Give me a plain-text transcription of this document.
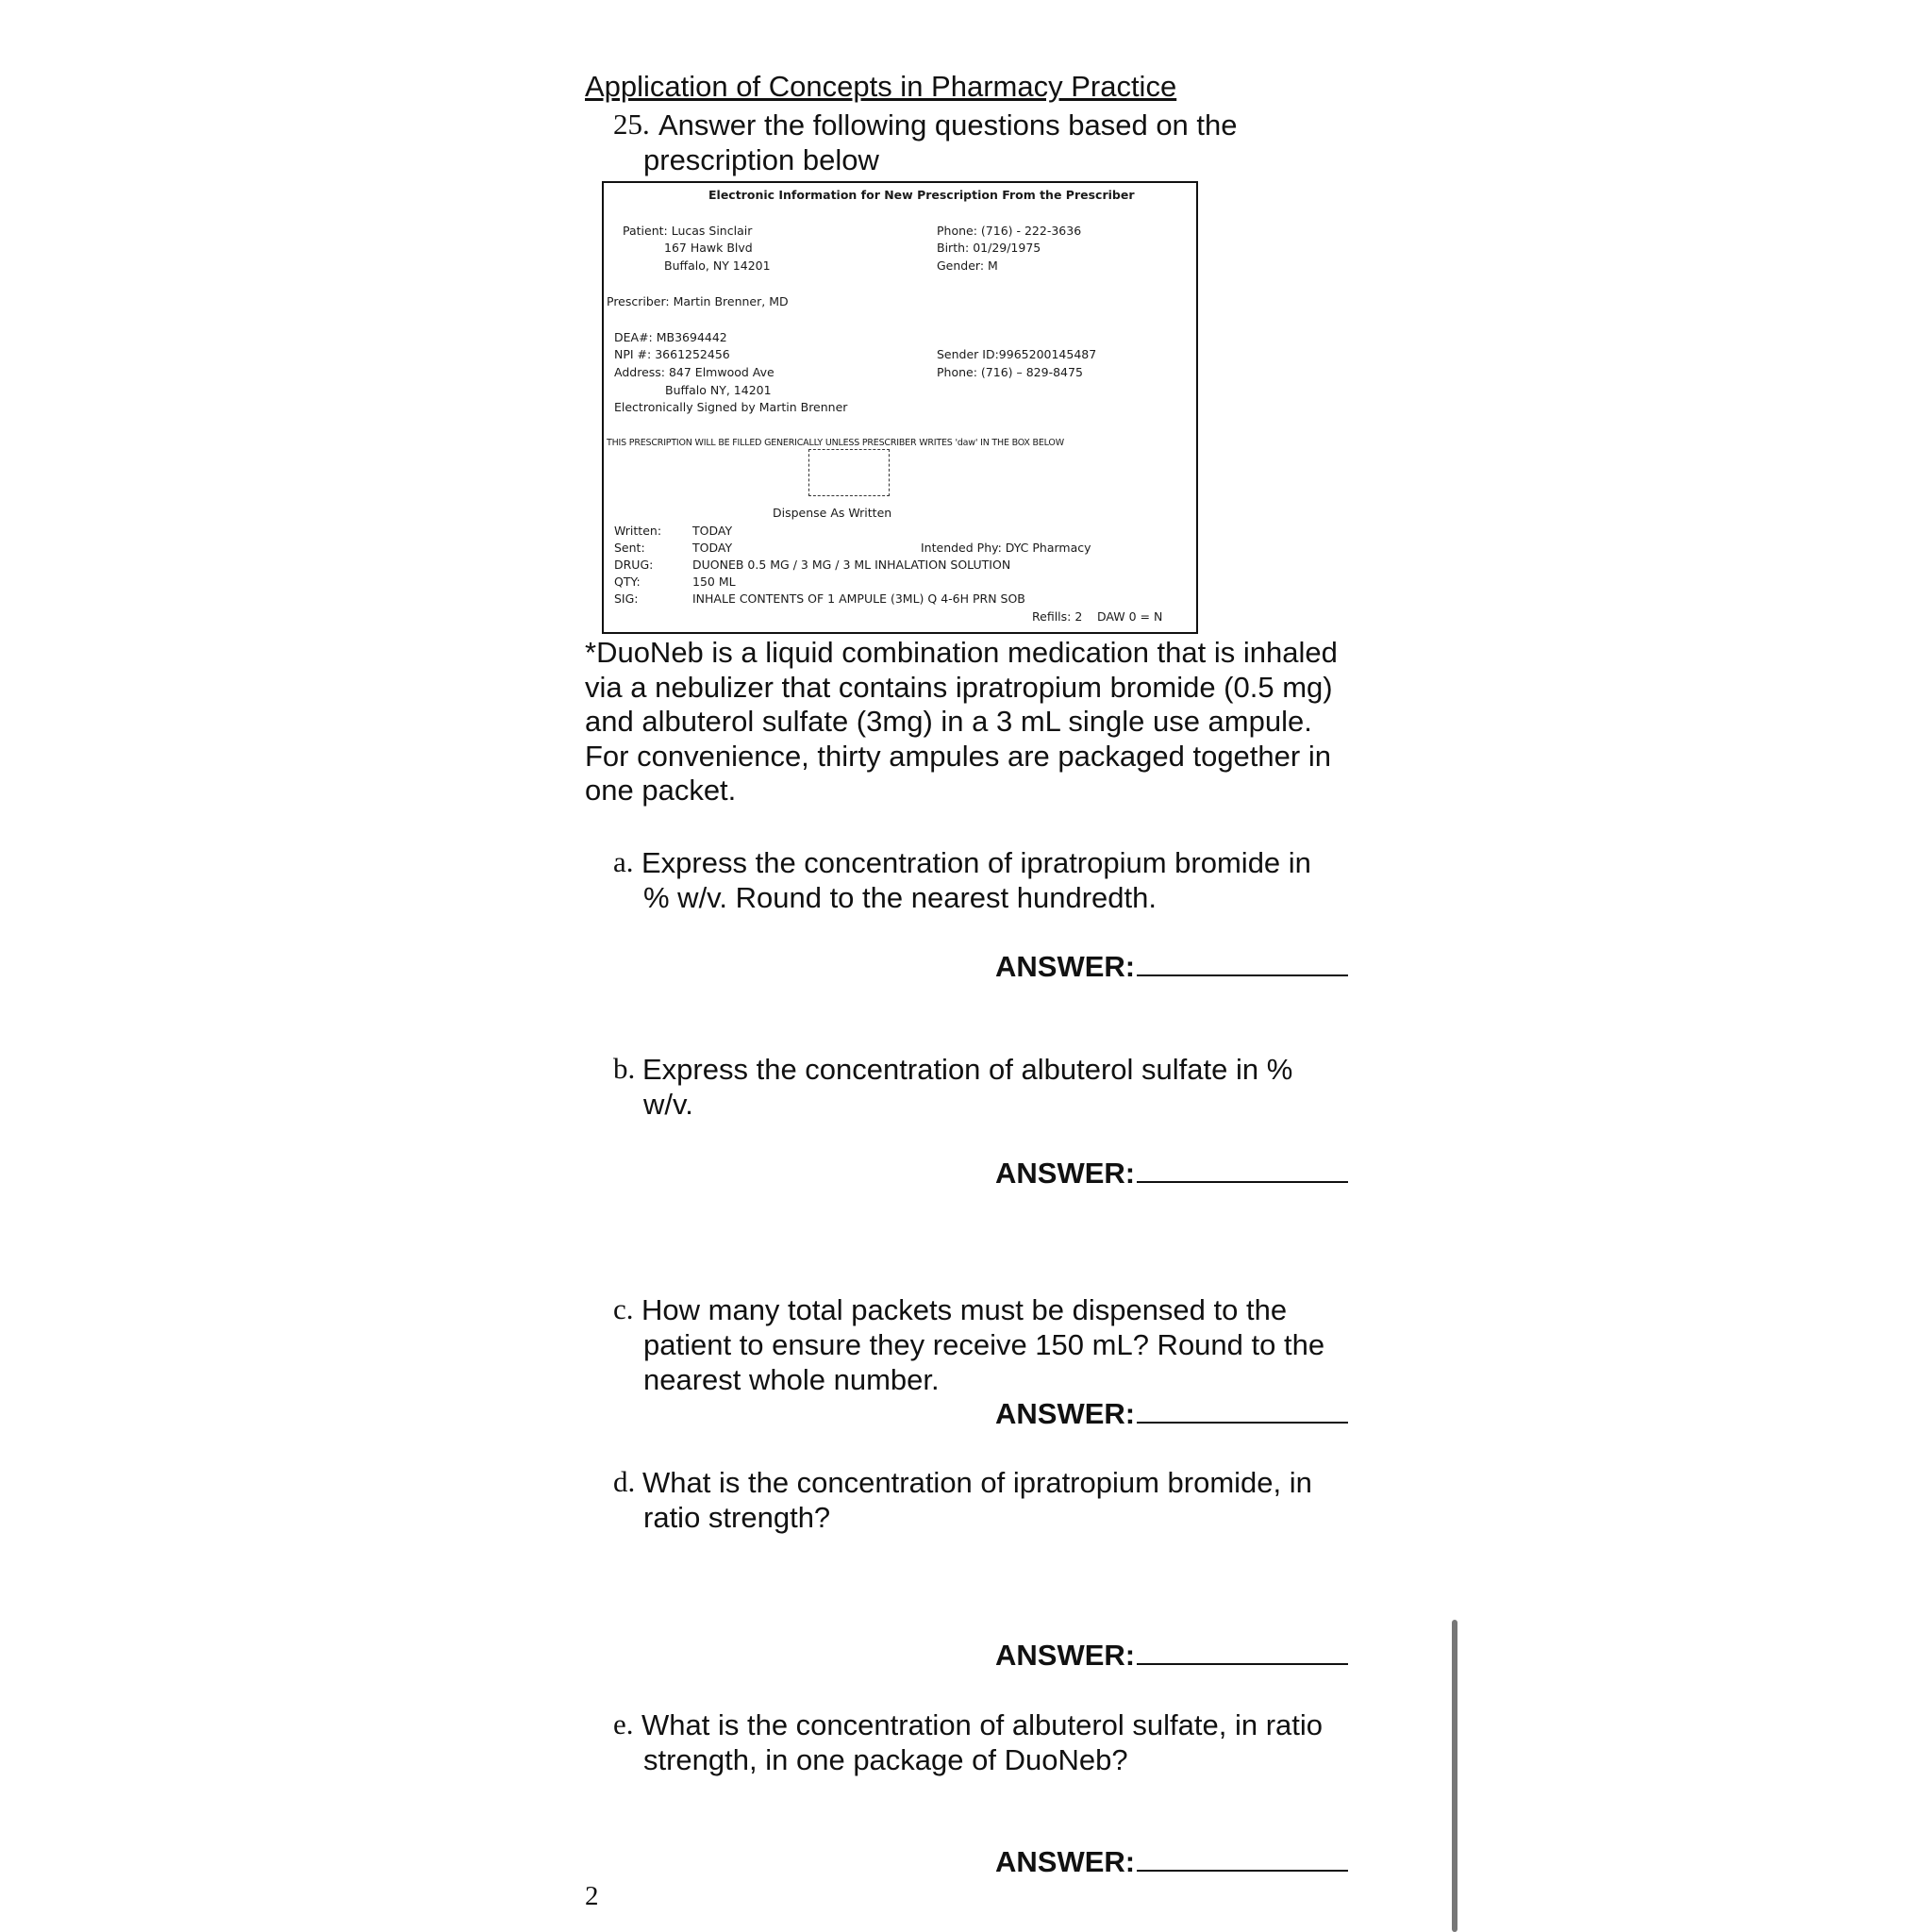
Application of Concepts in Pharmacy Practice
25. Answer the following questions based on the
prescription below
Electronic Information for New Prescription From the Prescriber
Patient: Lucas Sinclair
167 Hawk Blvd
Buffalo, NY 14201
Phone: (716) - 222-3636
Birth: 01/29/1975
Gender: M
Prescriber: Martin Brenner, MD
DEA#: MB3694442
NPI #: 3661252456
Address: 847 Elmwood Ave
Buffalo NY, 14201
Electronically Signed by Martin Brenner
Sender ID:9965200145487
Phone: (716) – 829-8475
THIS PRESCRIPTION WILL BE FILLED GENERICALLY UNLESS PRESCRIBER WRITES 'daw' IN THE BOX BELOW
Dispense As Written
Written:	TODAY
Sent:	TODAY	Intended Phy: DYC Pharmacy
DRUG:	DUONEB 0.5 MG / 3 MG / 3 ML INHALATION SOLUTION
QTY:	150 ML
SIG:	INHALE CONTENTS OF 1 AMPULE (3ML) Q 4-6H PRN SOB
Refills: 2 DAW 0 = N
*DuoNeb is a liquid combination medication that is inhaled
via a nebulizer that contains ipratropium bromide (0.5 mg)
and albuterol sulfate (3mg) in a 3 mL single use ampule.
For convenience, thirty ampules are packaged together in
one packet.
a. Express the concentration of ipratropium bromide in
% w/v. Round to the nearest hundredth.
ANSWER:
b. Express the concentration of albuterol sulfate in %
w/v.
ANSWER:
c. How many total packets must be dispensed to the
patient to ensure they receive 150 mL? Round to the
nearest whole number.
ANSWER:
d. What is the concentration of ipratropium bromide, in
ratio strength?
ANSWER:
e. What is the concentration of albuterol sulfate, in ratio
strength, in one package of DuoNeb?
ANSWER:
2
